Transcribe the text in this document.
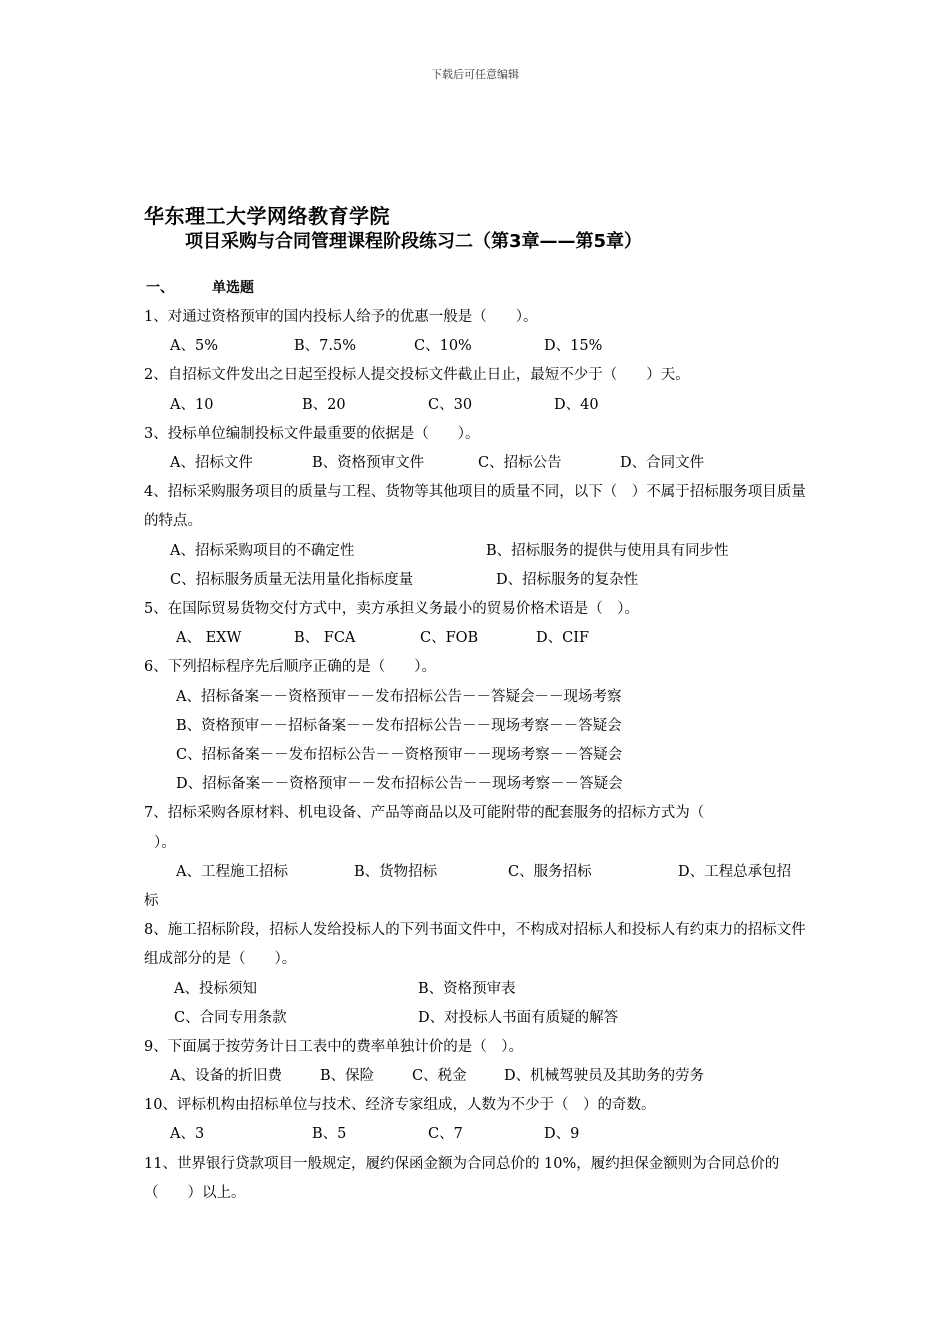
下载后可任意编辑
华东理工大学网络教育学院
项目采购与合同管理课程阶段练习二（第3章——第5章）
一、	单选题

1、对通过资格预审的国内投标人给予的优惠一般是（　　）。

A、5%	B、7.5%	C、10%	D、15%

2、自招标文件发出之日起至投标人提交投标文件截止日止，最短不少于（　　）天。

A、10	B、20	C、30	D、40

3、投标单位编制投标文件最重要的依据是（　　）。

A、招标文件	B、资格预审文件	C、招标公告	D、合同文件

4、招标采购服务项目的质量与工程、货物等其他项目的质量不同，以下（　）不属于招标服务项目质量的特点。

A、招标采购项目的不确定性	B、招标服务的提供与使用具有同步性
C、招标服务质量无法用量化指标度量	D、招标服务的复杂性

5、在国际贸易货物交付方式中，卖方承担义务最小的贸易价格术语是（　）。

A、 EXW	B、 FCA	C、FOB	D、CIF

6、下列招标程序先后顺序正确的是（　　）。

A、招标备案－－资格预审－－发布招标公告－－答疑会－－现场考察
B、资格预审－－招标备案－－发布招标公告－－现场考察－－答疑会
C、招标备案－－发布招标公告－－资格预审－－现场考察－－答疑会
D、招标备案－－资格预审－－发布招标公告－－现场考察－－答疑会

7、招标采购各原材料、机电设备、产品等商品以及可能附带的配套服务的招标方式为（

）。

A、工程施工招标	B、货物招标	C、服务招标	D、工程总承包招

标

8、施工招标阶段，招标人发给投标人的下列书面文件中，不构成对招标人和投标人有约束力的招标文件组成部分的是（　　）。

A、投标须知	B、资格预审表
C、合同专用条款	D、对投标人书面有质疑的解答

9、下面属于按劳务计日工表中的费率单独计价的是（　）。

A、设备的折旧费	B、保险	C、税金	D、机械驾驶员及其助务的劳务

10、评标机构由招标单位与技术、经济专家组成，人数为不少于（　）的奇数。

A、3	B、5	C、7	D、9

11、世界银行贷款项目一般规定，履约保函金额为合同总价的 10%，履约担保金额则为合同总价的（　　）以上。
